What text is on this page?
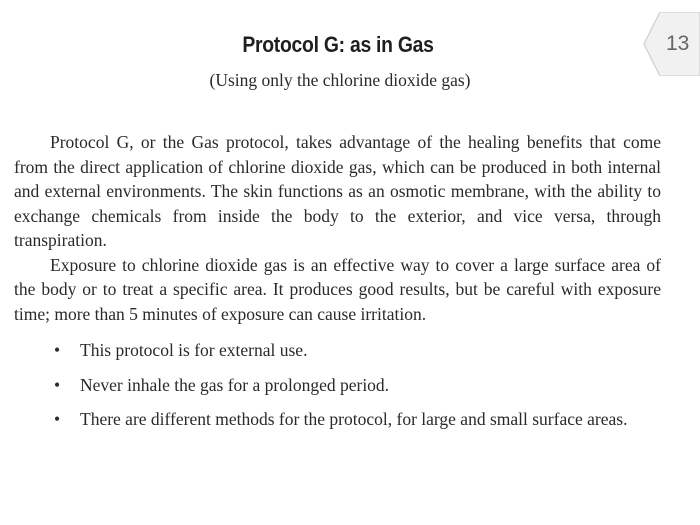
13
Protocol G: as in Gas
(Using only the chlorine dioxide gas)

Protocol G, or the Gas protocol, takes advantage of the healing benefits that come from the direct application of chlorine dioxide gas, which can be produced in both internal and external environments. The skin functions as an osmotic membrane, with the ability to exchange chemicals from inside the body to the exterior, and vice versa, through transpiration.

Exposure to chlorine dioxide gas is an effective way to cover a large surface area of the body or to treat a specific area. It produces good results, but be careful with exposure time; more than 5 minutes of exposure can cause irritation.

• This protocol is for external use.
• Never inhale the gas for a prolonged period.
• There are different methods for the protocol, for large and small surface areas.
